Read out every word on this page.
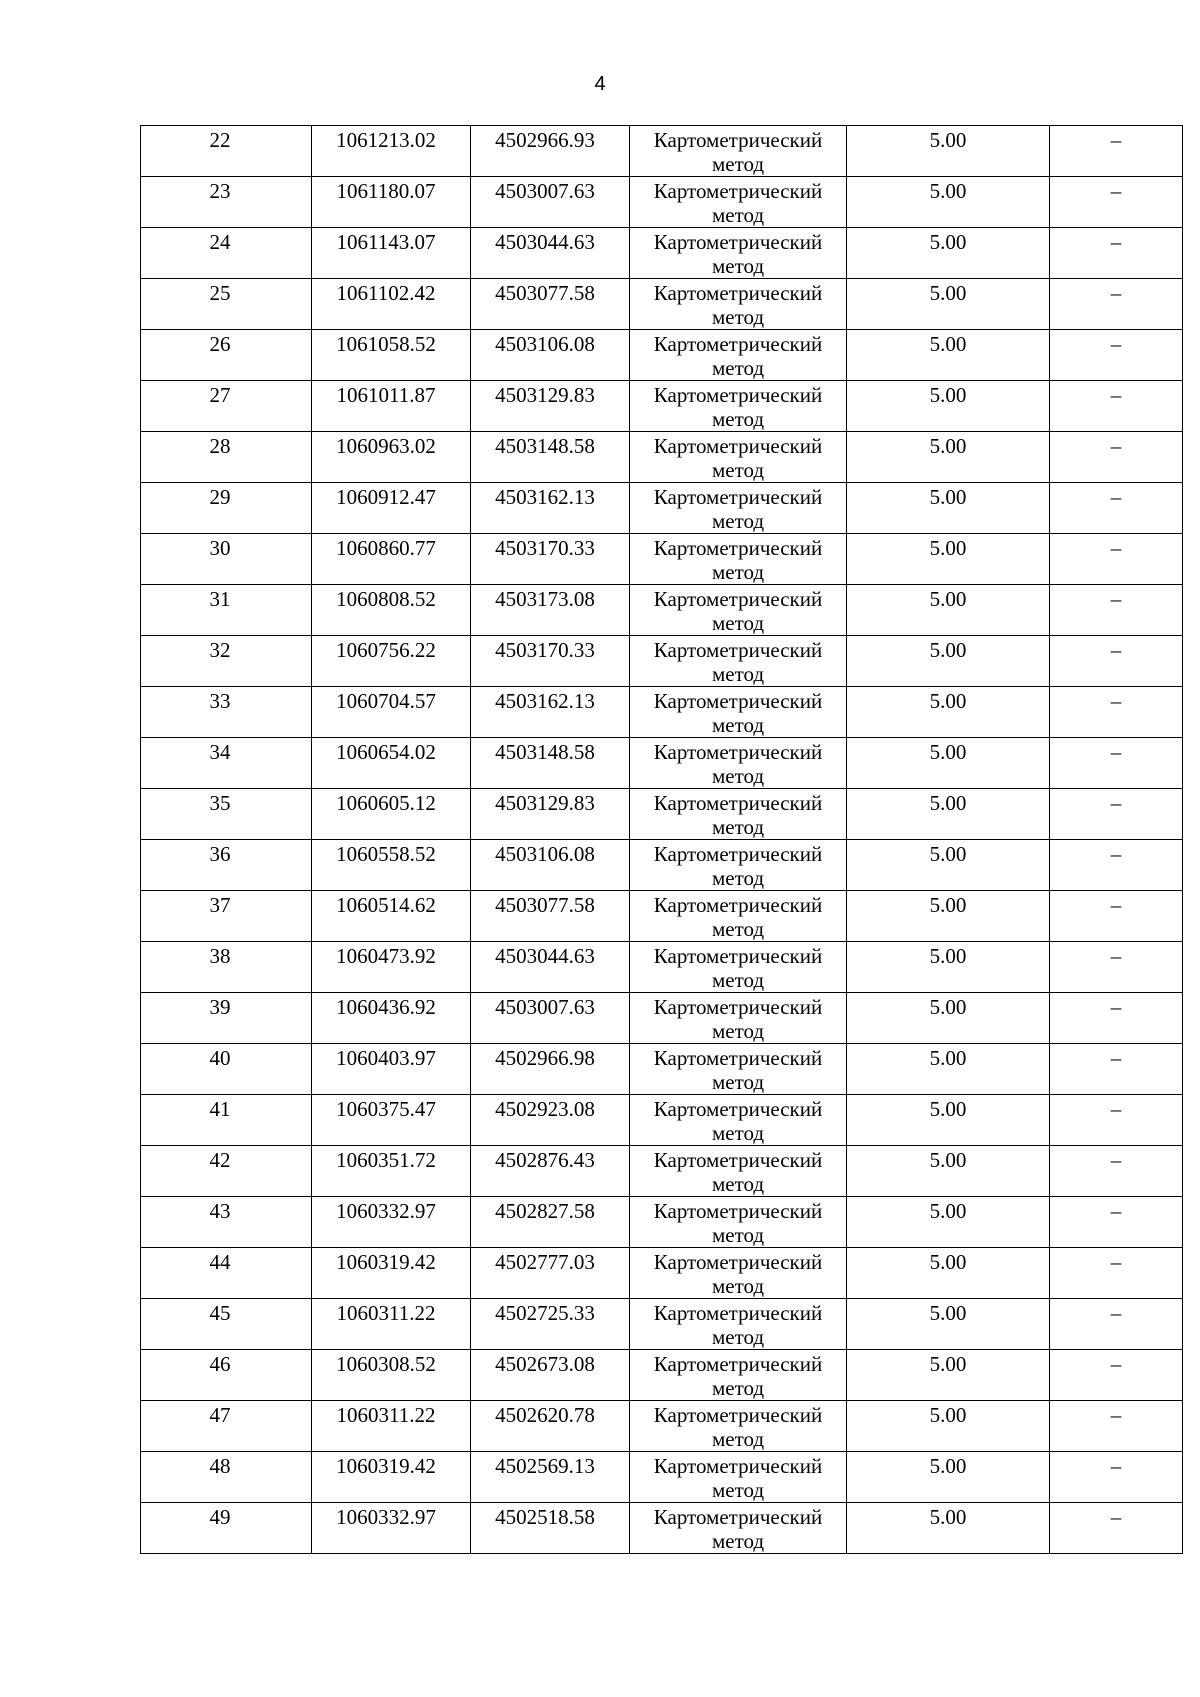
4
22	1061213.02	4502966.93	Картометрический метод	5.00	–

23	1061180.07	4503007.63	Картометрический метод	5.00	–

24	1061143.07	4503044.63	Картометрический метод	5.00	–

25	1061102.42	4503077.58	Картометрический метод	5.00	–

26	1061058.52	4503106.08	Картометрический метод	5.00	–

27	1061011.87	4503129.83	Картометрический метод	5.00	–

28	1060963.02	4503148.58	Картометрический метод	5.00	–

29	1060912.47	4503162.13	Картометрический метод	5.00	–

30	1060860.77	4503170.33	Картометрический метод	5.00	–

31	1060808.52	4503173.08	Картометрический метод	5.00	–

32	1060756.22	4503170.33	Картометрический метод	5.00	–

33	1060704.57	4503162.13	Картометрический метод	5.00	–

34	1060654.02	4503148.58	Картометрический метод	5.00	–

35	1060605.12	4503129.83	Картометрический метод	5.00	–

36	1060558.52	4503106.08	Картометрический метод	5.00	–

37	1060514.62	4503077.58	Картометрический метод	5.00	–

38	1060473.92	4503044.63	Картометрический метод	5.00	–

39	1060436.92	4503007.63	Картометрический метод	5.00	–

40	1060403.97	4502966.98	Картометрический метод	5.00	–

41	1060375.47	4502923.08	Картометрический метод	5.00	–

42	1060351.72	4502876.43	Картометрический метод	5.00	–

43	1060332.97	4502827.58	Картометрический метод	5.00	–

44	1060319.42	4502777.03	Картометрический метод	5.00	–

45	1060311.22	4502725.33	Картометрический метод	5.00	–

46	1060308.52	4502673.08	Картометрический метод	5.00	–

47	1060311.22	4502620.78	Картометрический метод	5.00	–

48	1060319.42	4502569.13	Картометрический метод	5.00	–

49	1060332.97	4502518.58	Картометрический метод	5.00	–
